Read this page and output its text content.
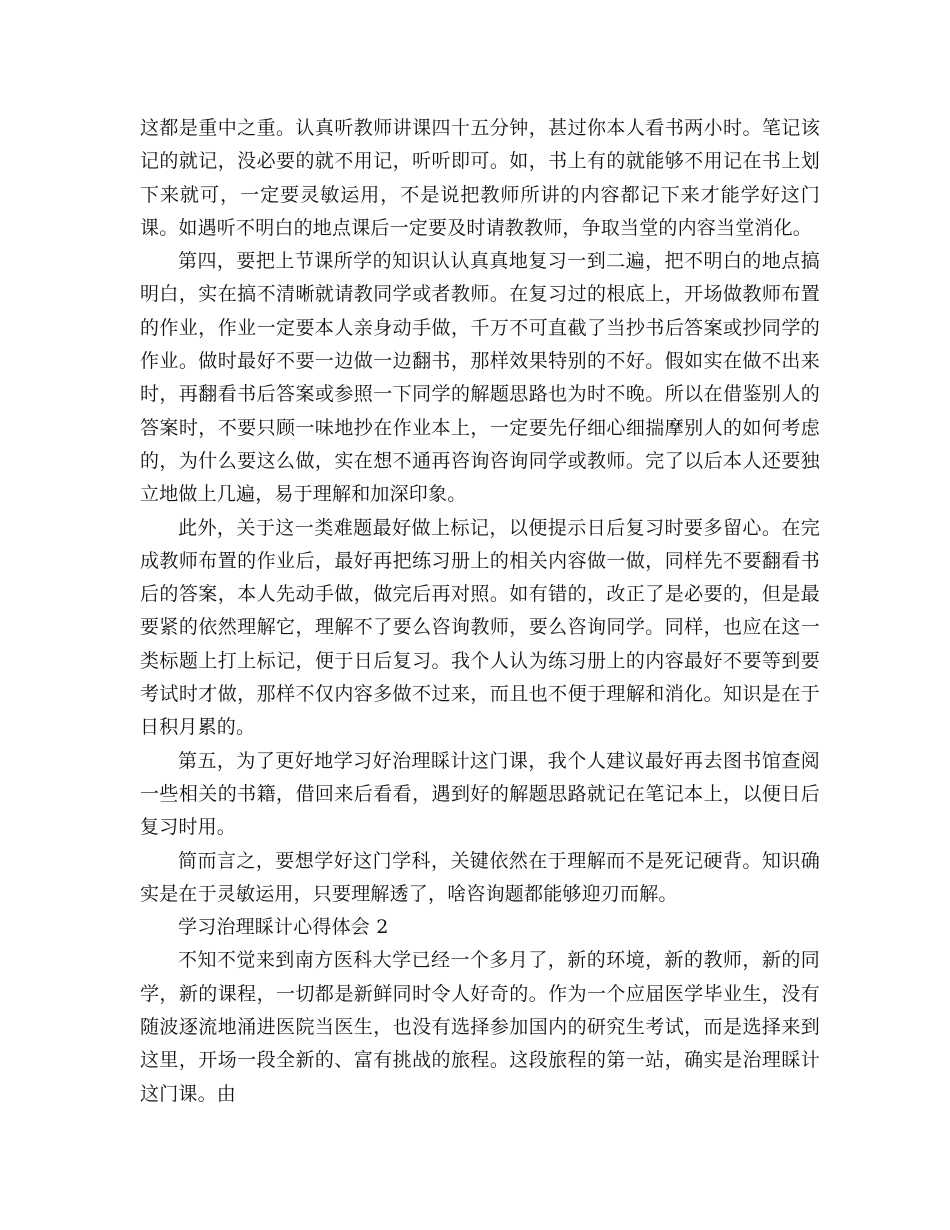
这都是重中之重。认真听教师讲课四十五分钟，甚过你本人看书两小时。笔记该记的就记，没必要的就不用记，听听即可。如，书上有的就能够不用记在书上划下来就可，一定要灵敏运用，不是说把教师所讲的内容都记下来才能学好这门课。如遇听不明白的地点课后一定要及时请教教师，争取当堂的内容当堂消化。

第四，要把上节课所学的知识认认真真地复习一到二遍，把不明白的地点搞明白，实在搞不清晰就请教同学或者教师。在复习过的根底上，开场做教师布置的作业，作业一定要本人亲身动手做，千万不可直截了当抄书后答案或抄同学的作业。做时最好不要一边做一边翻书，那样效果特别的不好。假如实在做不出来时，再翻看书后答案或参照一下同学的解题思路也为时不晚。所以在借鉴别人的答案时，不要只顾一味地抄在作业本上，一定要先仔细心细揣摩别人的如何考虑的，为什么要这么做，实在想不通再咨询咨询同学或教师。完了以后本人还要独立地做上几遍，易于理解和加深印象。

此外，关于这一类难题最好做上标记，以便提示日后复习时要多留心。在完成教师布置的作业后，最好再把练习册上的相关内容做一做，同样先不要翻看书后的答案，本人先动手做，做完后再对照。如有错的，改正了是必要的，但是最要紧的依然理解它，理解不了要么咨询教师，要么咨询同学。同样，也应在这一类标题上打上标记，便于日后复习。我个人认为练习册上的内容最好不要等到要考试时才做，那样不仅内容多做不过来，而且也不便于理解和消化。知识是在于日积月累的。

第五，为了更好地学习好治理睬计这门课，我个人建议最好再去图书馆查阅一些相关的书籍，借回来后看看，遇到好的解题思路就记在笔记本上，以便日后复习时用。

简而言之，要想学好这门学科，关键依然在于理解而不是死记硬背。知识确实是在于灵敏运用，只要理解透了，啥咨询题都能够迎刃而解。

学习治理睬计心得体会 2

不知不觉来到南方医科大学已经一个多月了，新的环境，新的教师，新的同学，新的课程，一切都是新鲜同时令人好奇的。作为一个应届医学毕业生，没有随波逐流地涌进医院当医生，也没有选择参加国内的研究生考试，而是选择来到这里，开场一段全新的、富有挑战的旅程。这段旅程的第一站，确实是治理睬计这门课。由
